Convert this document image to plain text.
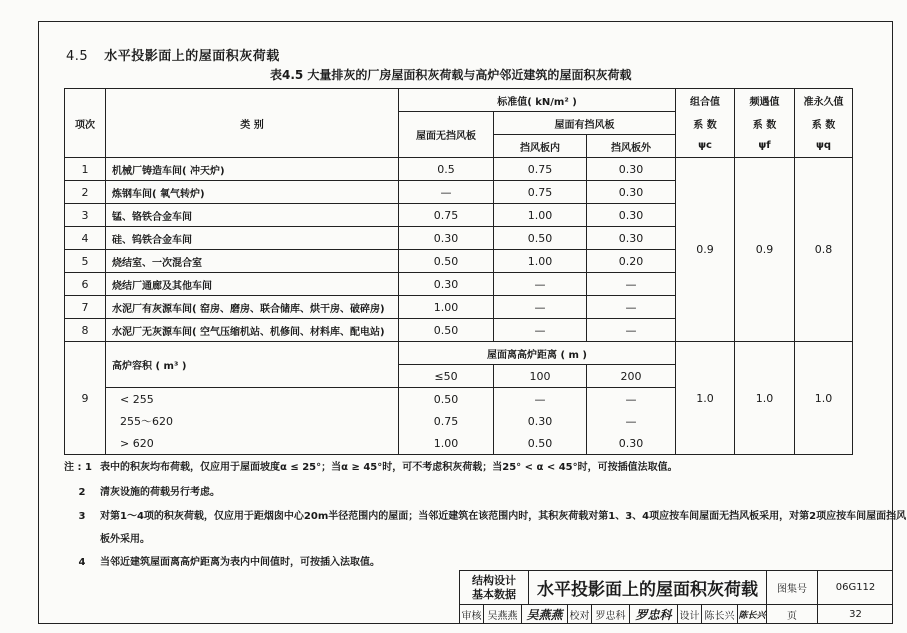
4.5 水平投影面上的屋面积灰荷载
表4.5 大量排灰的厂房屋面积灰荷载与高炉邻近建筑的屋面积灰荷载
项次	类 别	标准值( kN/m² )			组合值	频遇值	准永久值
		屋面无挡风板	屋面有挡风板		系 数	系 数	系 数
			挡风板内	挡风板外	ψc	ψf	ψq
1	机械厂铸造车间( 冲天炉)	0.5	0.75	0.30	0.9	0.9	0.8
2	炼钢车间( 氧气转炉)	—	0.75	0.30			
3	锰、铬铁合金车间	0.75	1.00	0.30			
4	硅、钨铁合金车间	0.30	0.50	0.30			
5	烧结室、一次混合室	0.50	1.00	0.20			
6	烧结厂通廊及其他车间	0.30	—	—			
7	水泥厂有灰源车间( 窑房、磨房、联合储库、烘干房、破碎房)	1.00	—	—			
8	水泥厂无灰源车间( 空气压缩机站、机修间、材料库、配电站)	0.50	—	—			
9	高炉容积 ( m³ )	屋面离高炉距离 ( m )			1.0	1.0	1.0
		≤50	100	200			
	< 255	0.50	—	—			
	255～620	0.75	0.30	—			
	> 620	1.00	0.50	0.30			
注 : 1 表中的积灰均布荷载，仅应用于屋面坡度α ≤ 25°；当α ≥ 45°时，可不考虑积灰荷载；当25° < α < 45°时，可按插值法取值。
2 清灰设施的荷载另行考虑。
3 对第1～4项的积灰荷载，仅应用于距烟囱中心20m半径范围内的屋面；当邻近建筑在该范围内时，其积灰荷载对第1、3、4项应按车间屋面无挡风板采用，对第2项应按车间屋面挡风
板外采用。
4 当邻近建筑屋面离高炉距离为表内中间值时，可按插入法取值。
结构设计
基本数据	水平投影面上的屋面积灰荷载	图集号	06G112
审核 吴燕燕 吴燕燕 校对 罗忠科 罗忠科 设计 陈长兴 陈长兴	页	32
